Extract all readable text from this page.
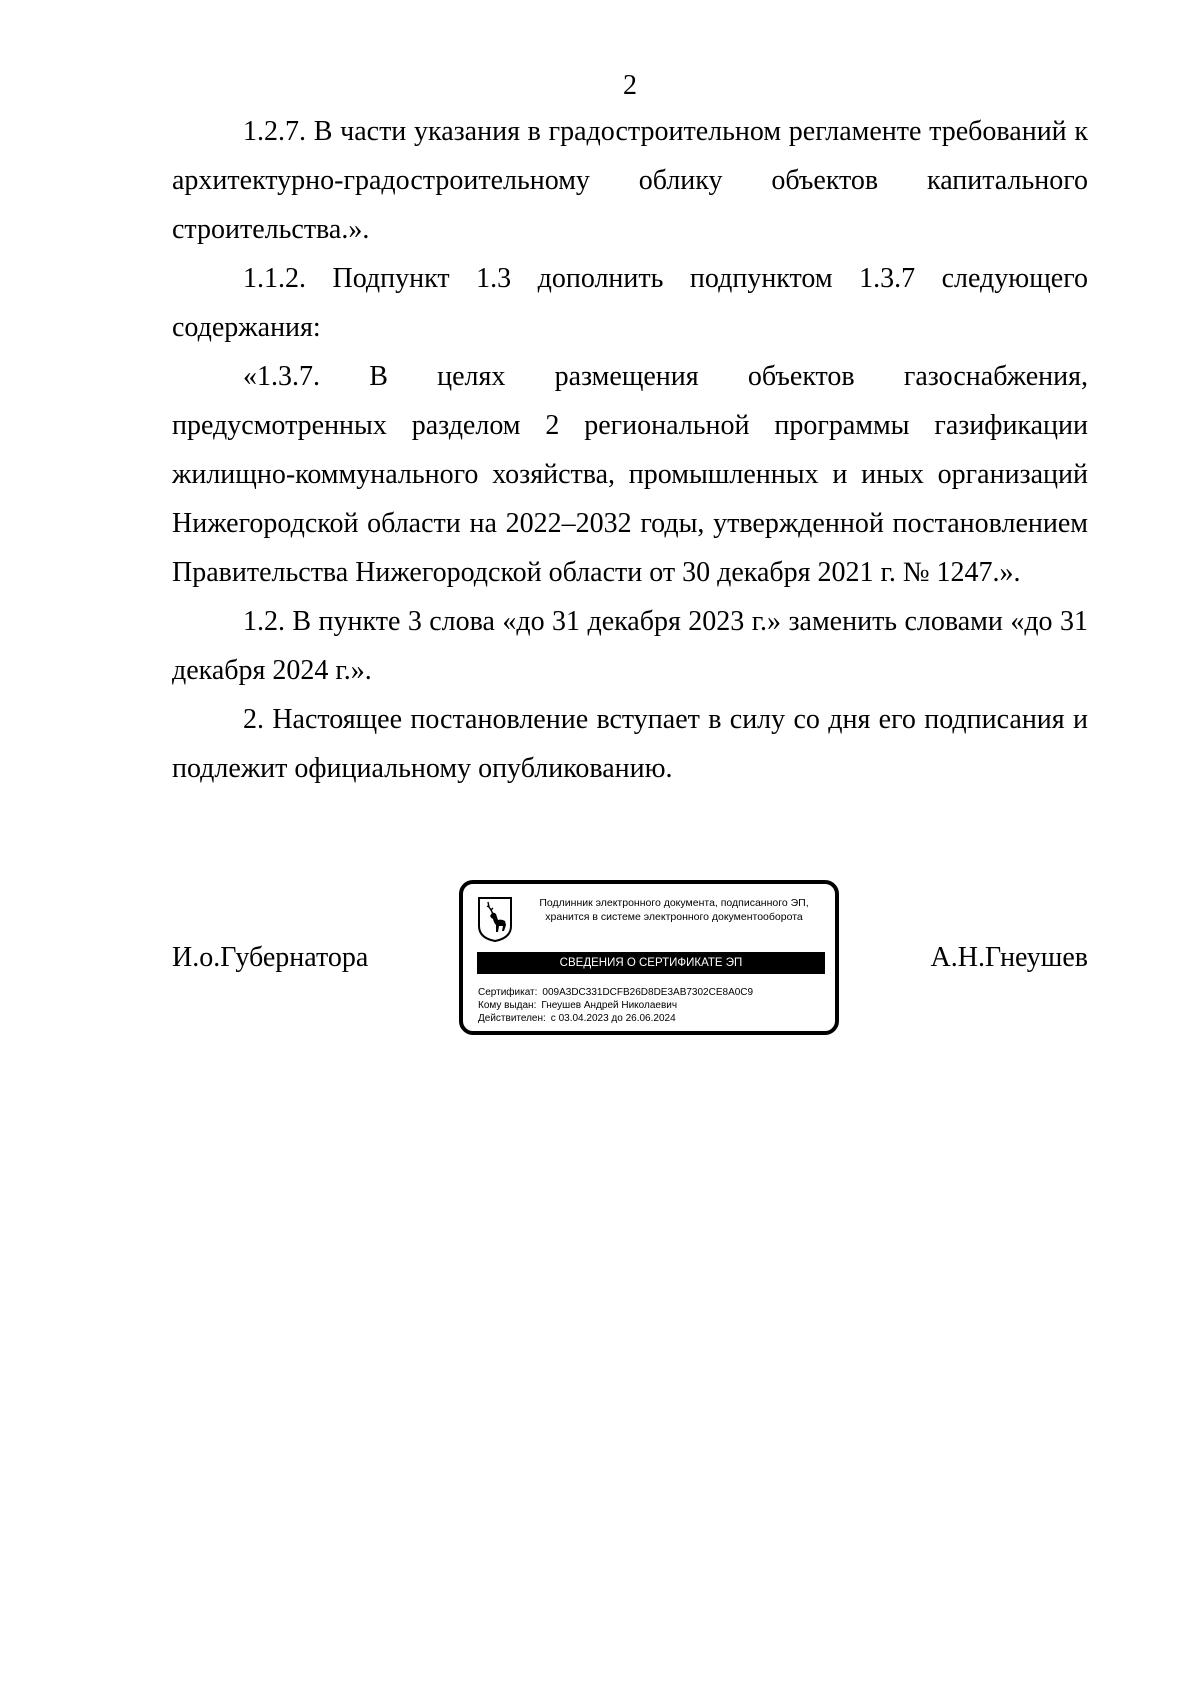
2

1.2.7. В части указания в градостроительном регламенте требований к архитектурно-градостроительному облику объектов капитального строительства.».

1.1.2. Подпункт 1.3 дополнить подпунктом 1.3.7 следующего содержания:

«1.3.7. В целях размещения объектов газоснабжения, предусмотренных разделом 2 региональной программы газификации жилищно-коммунального хозяйства, промышленных и иных организаций Нижегородской области на 2022–2032 годы, утвержденной постановлением Правительства Нижегородской области от 30 декабря 2021 г. № 1247.».

1.2. В пункте 3 слова «до 31 декабря 2023 г.» заменить словами «до 31 декабря 2024 г.».

2. Настоящее постановление вступает в силу со дня его подписания и подлежит официальному опубликованию.

И.о.Губернатора
Подлинник электронного документа, подписанного ЭП,
хранится в системе электронного документооборота
СВЕДЕНИЯ О СЕРТИФИКАТЕ ЭП
Сертификат: 009A3DC331DCFB26D8DE3AB7302CE8A0C9
Кому выдан: Гнеушев Андрей Николаевич
Действителен: с 03.04.2023 до 26.06.2024
А.Н.Гнеушев
